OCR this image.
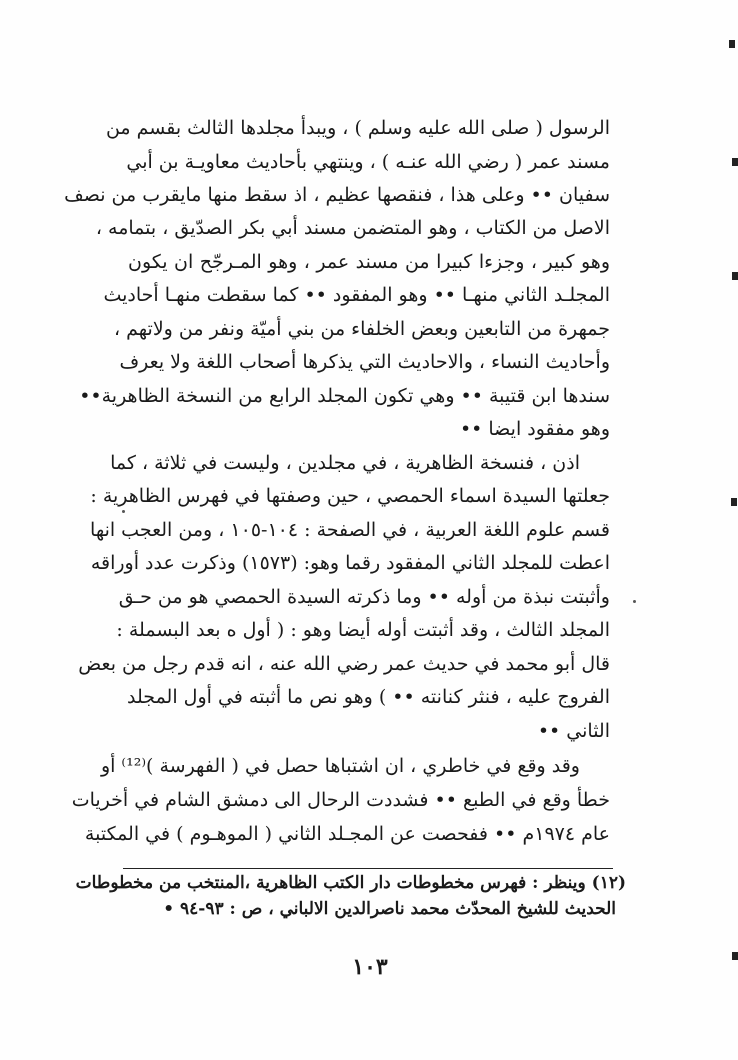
الرسول ( صلى الله عليه وسلم ) ، ويبدأ مجلدها الثالث بقسم من
مسند عمر ( رضي الله عنـه ) ، وينتهي بأحاديث معاويـة بن أبي
سفيان •• وعلى هذا ، فنقصها عظيم ، اذ سقط منها مايقرب من نصف
الاصل من الكتاب ، وهو المتضمن مسند أبي بكر الصدّيق ، بتمامه ،
وهو كبير ، وجزءا كبيرا من مسند عمر ، وهو المـرجّح ان يكون
المجلـد الثاني منهـا •• وهو المفقود •• كما سقطت منهـا أحاديث
جمهرة من التابعين وبعض الخلفاء من بني أميّة ونفر من ولاتهم ،
وأحاديث النساء ، والاحاديث التي يذكرها أصحاب اللغة ولا يعرف
سندها ابن قتيبة •• وهي تكون المجلد الرابع من النسخة الظاهرية••
وهو مفقود ايضا ••
اذن ، فنسخة الظاهرية ، في مجلدين ، وليست في ثلاثة ، كما
جعلتها السيدة اسماء الحمصي ، حين وصفتها في فهرس الظاهرية :
قسم علوم اللغة العربية ، في الصفحة : ١٠٤-١٠٥ ، ومن العجب انها
اعطت للمجلد الثاني المفقود رقما وهو: (١٥٧٣) وذكرت عدد أوراقه
وأثبتت نبذة من أوله •• وما ذكرته السيدة الحمصي هو من حـق
المجلد الثالث ، وقد أثبتت أوله أيضا وهو : ( أول ه بعد البسملة :
قال أبو محمد في حديث عمر رضي الله عنه ، انه قدم رجل من بعض
الفروج عليه ، فنثر كنانته •• ) وهو نص ما أثبته في أول المجلد
الثاني ••
وقد وقع في خاطري ، ان اشتباها حصل في ( الفهرسة )⁽¹²⁾ أو
خطأ وقع في الطبع •• فشددت الرحال الى دمشق الشام في أخريات
عام ١٩٧٤م •• ففحصت عن المجـلد الثاني ( الموهـوم ) في المكتبة
(١٢) وينظر : فهرس مخطوطات دار الكتب الظاهرية ،المنتخب من مخطوطات
الحديث للشيخ المحدّث محمد ناصرالدين الالباني ، ص : ٩٣-٩٤ •
١٠٣
